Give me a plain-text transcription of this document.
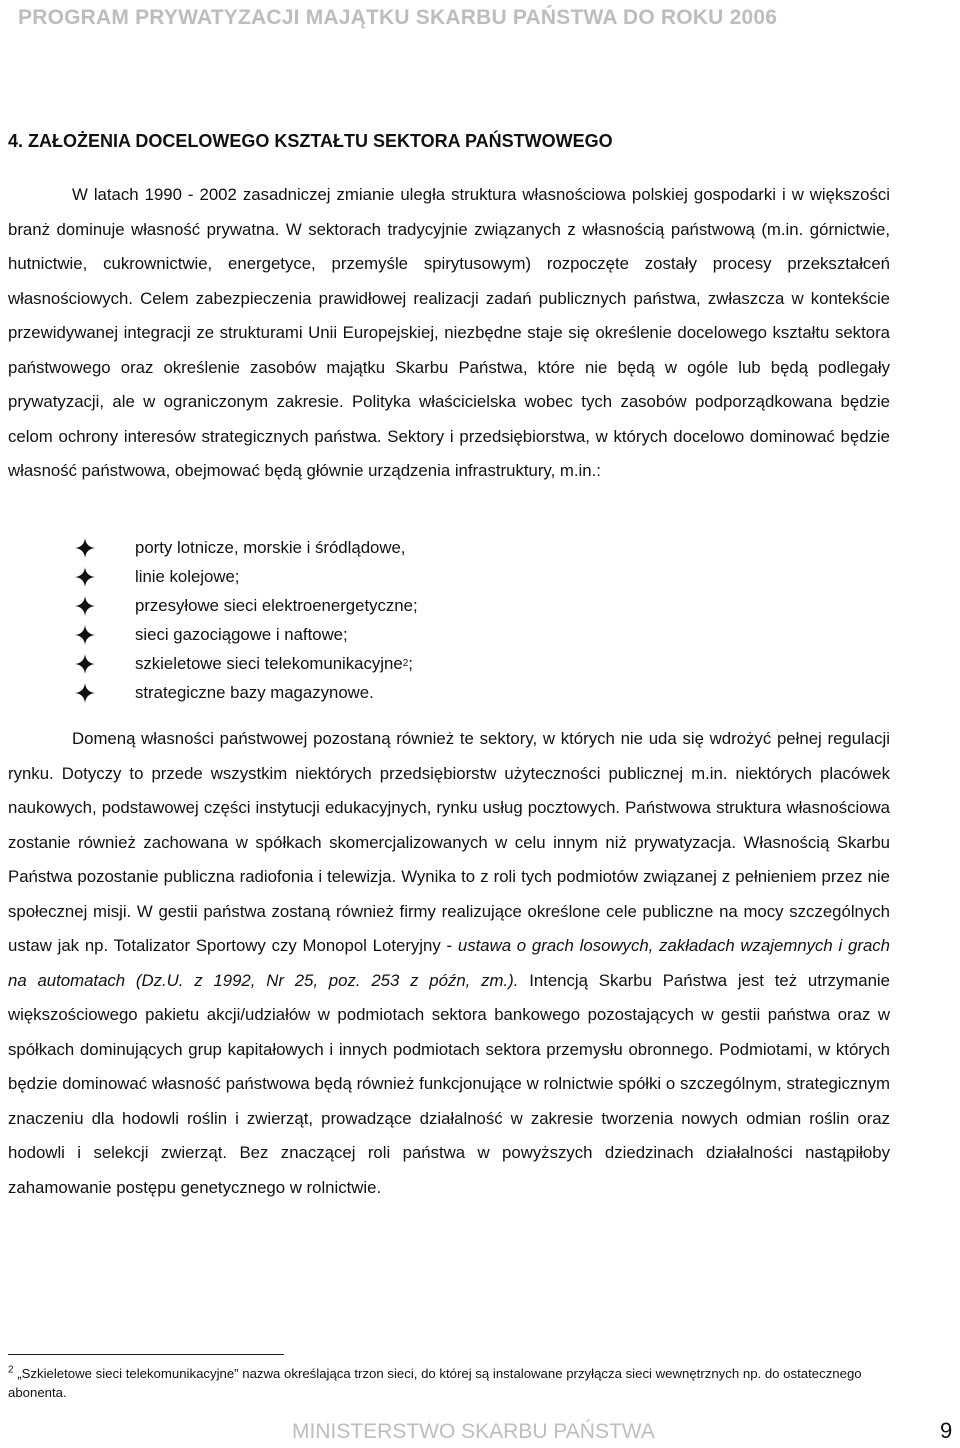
PROGRAM PRYWATYZACJI MAJĄTKU SKARBU PAŃSTWA DO ROKU 2006
4. ZAŁOŻENIA DOCELOWEGO KSZTAŁTU SEKTORA PAŃSTWOWEGO

W latach 1990 - 2002 zasadniczej zmianie uległa struktura własnościowa polskiej gospodarki i w większości branż dominuje własność prywatna. W sektorach tradycyjnie związanych z własnością państwową (m.in. górnictwie, hutnictwie, cukrownictwie, energetyce, przemyśle spirytusowym) rozpoczęte zostały procesy przekształceń własnościowych. Celem zabezpieczenia prawidłowej realizacji zadań publicznych państwa, zwłaszcza w kontekście przewidywanej integracji ze strukturami Unii Europejskiej, niezbędne staje się określenie docelowego kształtu sektora państwowego oraz określenie zasobów majątku Skarbu Państwa, które nie będą w ogóle lub będą podlegały prywatyzacji, ale w ograniczonym zakresie. Polityka właścicielska wobec tych zasobów podporządkowana będzie celom ochrony interesów strategicznych państwa. Sektory i przedsiębiorstwa, w których docelowo dominować będzie własność państwowa, obejmować będą głównie urządzenia infrastruktury, m.in.:

porty lotnicze, morskie i śródlądowe,
linie kolejowe;
przesyłowe sieci elektroenergetyczne;
sieci gazociągowe i naftowe;
szkieletowe sieci telekomunikacyjne 2 ;
strategiczne bazy magazynowe.

Domeną własności państwowej pozostaną również te sektory, w których nie uda się wdrożyć pełnej regulacji rynku. Dotyczy to przede wszystkim niektórych przedsiębiorstw użyteczności publicznej m.in. niektórych placówek naukowych, podstawowej części instytucji edukacyjnych, rynku usług pocztowych. Państwowa struktura własnościowa zostanie również zachowana w spółkach skomercjalizowanych w celu innym niż prywatyzacja. Własnością Skarbu Państwa pozostanie publiczna radiofonia i telewizja. Wynika to z roli tych podmiotów związanej z pełnieniem przez nie społecznej misji. W gestii państwa zostaną również firmy realizujące określone cele publiczne na mocy szczególnych ustaw jak np. Totalizator Sportowy czy Monopol Loteryjny - ustawa o grach losowych, zakładach wzajemnych i grach na automatach (Dz.U. z 1992, Nr 25, poz. 253 z późn, zm.). Intencją Skarbu Państwa jest też utrzymanie większościowego pakietu akcji/udziałów w podmiotach sektora bankowego pozostających w gestii państwa oraz w spółkach dominujących grup kapitałowych i innych podmiotach sektora przemysłu obronnego. Podmiotami, w których będzie dominować własność państwowa będą również funkcjonujące w rolnictwie spółki o szczególnym, strategicznym znaczeniu dla hodowli roślin i zwierząt, prowadzące działalność w zakresie tworzenia nowych odmian roślin oraz hodowli i selekcji zwierząt. Bez znaczącej roli państwa w powyższych dziedzinach działalności nastąpiłoby zahamowanie postępu genetycznego w rolnictwie.

$^2$ „Szkieletowe sieci telekomunikacyjne” nazwa określająca trzon sieci, do której są instalowane przyłącza sieci wewnętrznych np. do ostatecznego abonenta.
MINISTERSTWO SKARBU PAŃSTWA	9
